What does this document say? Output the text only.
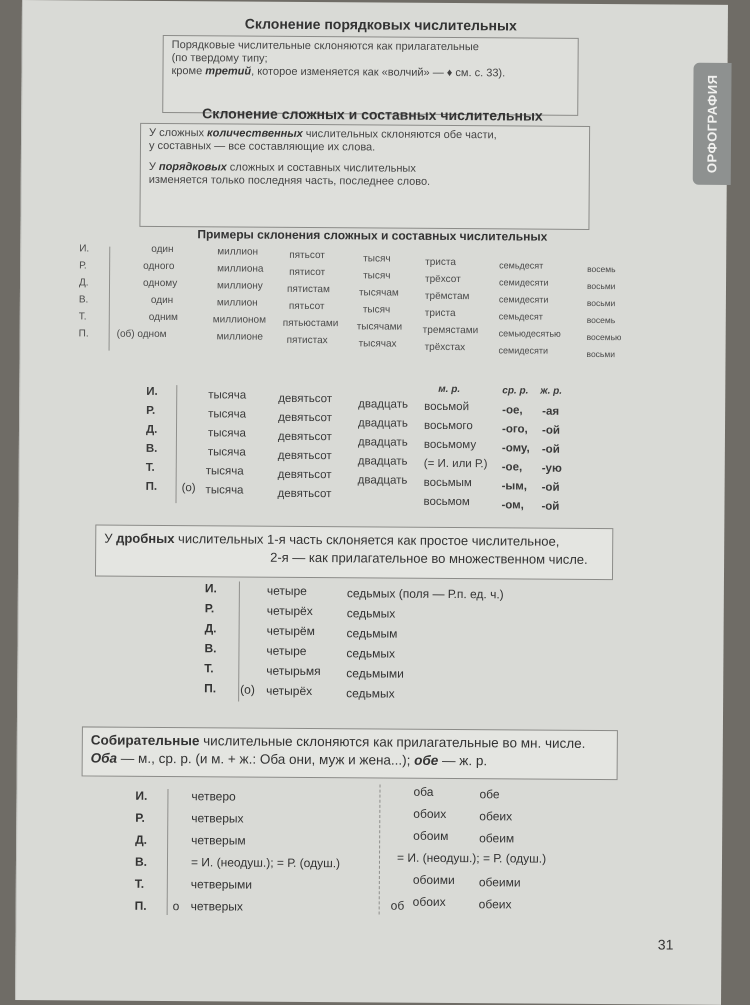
ОРФОГРАФИЯ
Склонение порядковых числительных

Порядковые числительные склоняются как прилагательные

(по твердому типу;

кроме третий, которое изменяется как «волчий» — ♦ см. с. 33).

Склонение сложных и составных числительных

У сложных количественных числительных склоняются обе части,

у составных — все составляющие их слова.

У порядковых сложных и составных числительных

изменяется только последняя часть, последнее слово.

Примеры склонения сложных и составных числительных
И.
Р.
Д.
В.
Т.
П.
один
одного
одному
один
одним
(об) одном
миллион
миллиона
миллиону
миллион
миллионом
миллионе
пятьсот
пятисот
пятистам
пятьсот
пятьюстами
пятистах
тысяч
тысяч
тысячам
тысяч
тысячами
тысячах
триста
трёхсот
трёмстам
триста
тремястами
трёхстах
семьдесят
семидесяти
семидесяти
семьдесят
семьюдесятью
семидесяти
восемь
восьми
восьми
восемь
восемью
восьми
м. р.	ср. р. ж. р.
И.
Р.
Д.
В.
Т.
П. (о)
тысяча
тысяча
тысяча
тысяча
тысяча
тысяча
девятьсот
девятьсот
девятьсот
девятьсот
девятьсот
девятьсот
двадцать
двадцать
двадцать
двадцать
двадцать
восьмой
восьмого
восьмому
(= И. или Р.)
восьмым
восьмом
-ое,
-ого,
-ому,
-ое,
-ым,
-ом,
-ая
-ой
-ой
-ую
-ой
-ой
У дробных числительных 1-я часть склоняется как простое числительное,
2-я — как прилагательное во множественном числе.
И.
Р.
Д.
В.
Т.
П. (о)
четыре
четырёх
четырём
четыре
четырьмя
четырёх
седьмых (поля — Р.п. ед. ч.)
седьмых
седьмым
седьмых
седьмыми
седьмых
Собирательные числительные склоняются как прилагательные во мн. числе.
Оба — м., ср. р. (и м. + ж.: Оба они, муж и жена...); обе — ж. р.
И.
Р.
Д.
В.
Т.
П. о
четверо
четверых
четверым
= И. (неодуш.); = Р. (одуш.)
четверыми
четверых	об
оба
обоих
обоим
= И. (неодуш.); = Р. (одуш.)
обоими
обоих
обе
обеих
обеим
обеими
обеих
31
